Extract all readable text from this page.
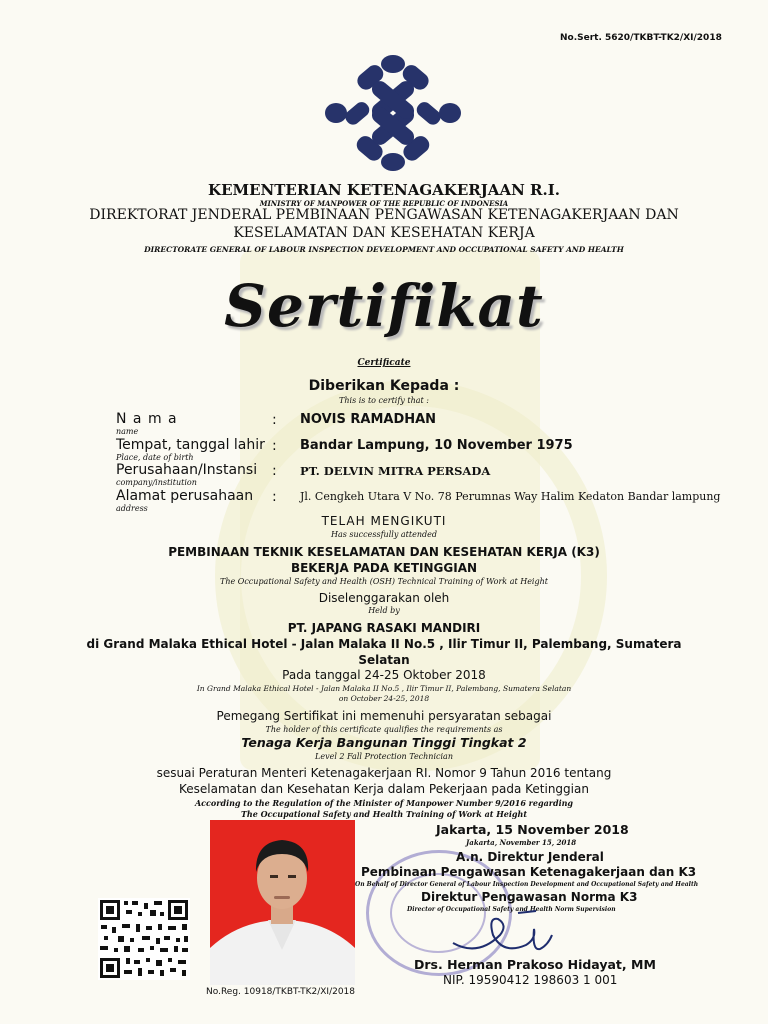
No.Sert. 5620/TKBT-TK2/XI/2018
KEMENTERIAN KETENAGAKERJAAN R.I.
MINISTRY OF MANPOWER OF THE REPUBLIC OF INDONESIA
DIREKTORAT JENDERAL PEMBINAAN PENGAWASAN KETENAGAKERJAAN DAN
KESELAMATAN DAN KESEHATAN KERJA
DIRECTORATE GENERAL OF LABOUR INSPECTION DEVELOPMENT AND OCCUPATIONAL SAFETY AND HEALTH
Sertifikat
Certificate
Diberikan Kepada :
This is to certify that :
N a m a
name
: NOVIS RAMADHAN
Tempat, tanggal lahir
Place, date of birth
: Bandar Lampung, 10 November 1975
Perusahaan/Instansi
company/institution
: PT. DELVIN MITRA PERSADA
Alamat perusahaan
address
: Jl. Cengkeh Utara V No. 78 Perumnas Way Halim Kedaton Bandar lampung
TELAH MENGIKUTI
Has successfully attended
PEMBINAAN TEKNIK KESELAMATAN DAN KESEHATAN KERJA (K3)
BEKERJA PADA KETINGGIAN
The Occupational Safety and Health (OSH) Technical Training of Work at Height
Diselenggarakan oleh
Held by
PT. JAPANG RASAKI MANDIRI
di Grand Malaka Ethical Hotel - Jalan Malaka II No.5 , Ilir Timur II, Palembang, Sumatera
Selatan
Pada tanggal 24-25 Oktober 2018
In Grand Malaka Ethical Hotel - Jalan Malaka II No.5 , Ilir Timur II, Palembang, Sumatera Selatan
on October 24-25, 2018
Pemegang Sertifikat ini memenuhi persyaratan sebagai
The holder of this certificate qualifies the requirements as
Tenaga Kerja Bangunan Tinggi Tingkat 2
Level 2 Fall Protection Technician
sesuai Peraturan Menteri Ketenagakerjaan RI. Nomor 9 Tahun 2016 tentang
Keselamatan dan Kesehatan Kerja dalam Pekerjaan pada Ketinggian
According to the Regulation of the Minister of Manpower Number 9/2016 regarding
The Occupational Safety and Health Training of Work at Height
No.Reg. 10918/TKBT-TK2/XI/2018
Jakarta, 15 November 2018
Jakarta, November 15, 2018
A.n. Direktur Jenderal
Pembinaan Pengawasan Ketenagakerjaan dan K3
On Behalf of Director General of Labour Inspection Development and Occupational Safety and Health
Direktur Pengawasan Norma K3
Director of Occupational Safety and Health Norm Supervision
Drs. Herman Prakoso Hidayat, MM
NIP. 19590412 198603 1 001
